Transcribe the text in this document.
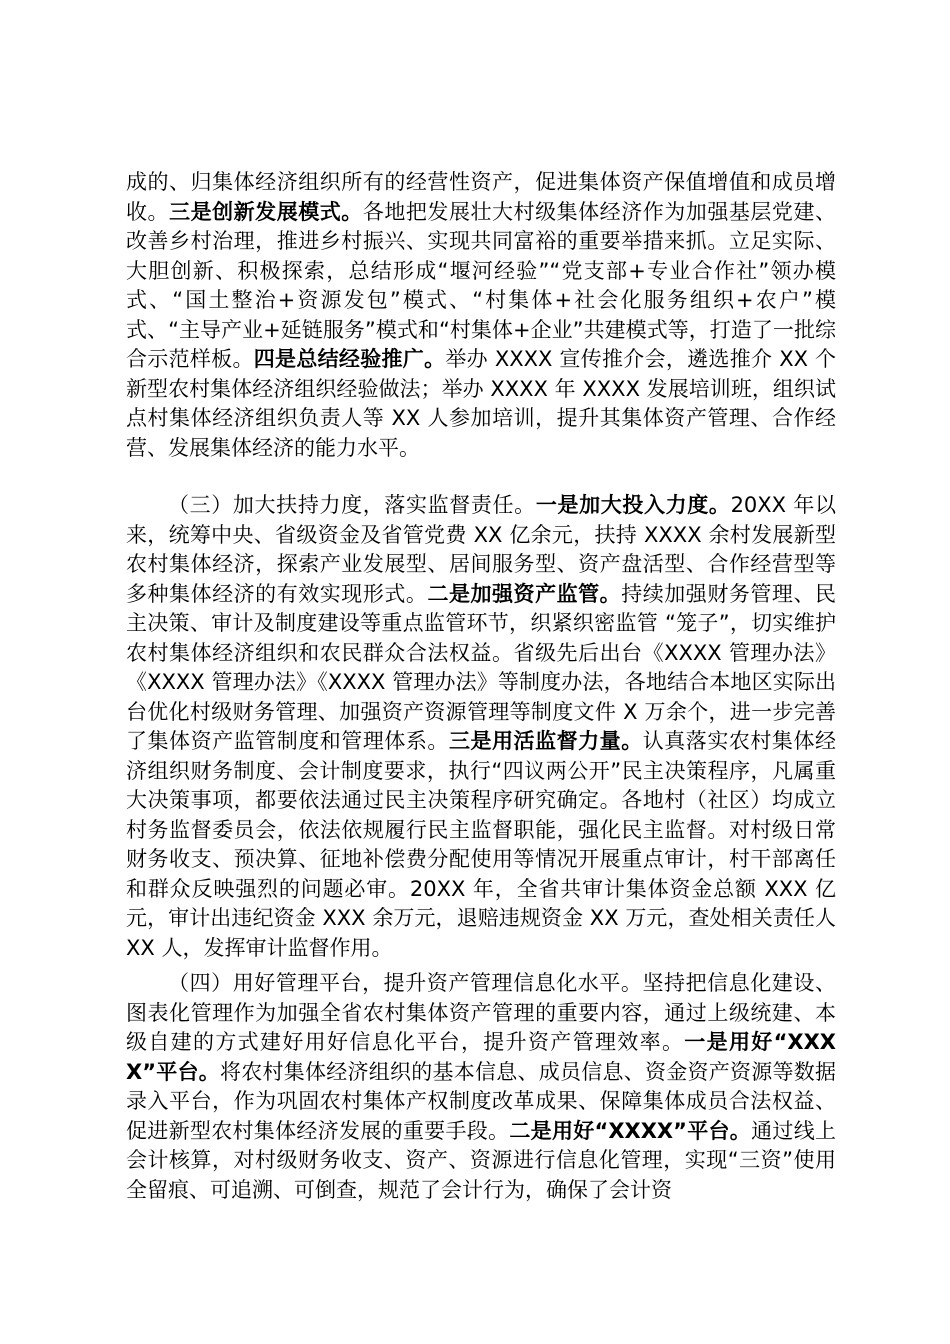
成的、归集体经济组织所有的经营性资产，促进集体资产保值增值和成员增收。三是创新发展模式。各地把发展壮大村级集体经济作为加强基层党建、改善乡村治理，推进乡村振兴、实现共同富裕的重要举措来抓。立足实际、大胆创新、积极探索，总结形成“堰河经验”“党支部+专业合作社”领办模式、“国土整治+资源发包”模式、“村集体+社会化服务组织+农户”模式、“主导产业+延链服务”模式和“村集体+企业”共建模式等，打造了一批综合示范样板。四是总结经验推广。举办 XXXX 宣传推介会，遴选推介 XX 个新型农村集体经济组织经验做法；举办 XXXX 年 XXXX 发展培训班，组织试点村集体经济组织负责人等 XX 人参加培训，提升其集体资产管理、合作经营、发展集体经济的能力水平。

（三）加大扶持力度，落实监督责任。一是加大投入力度。20XX 年以来，统筹中央、省级资金及省管党费 XX 亿余元，扶持 XXXX 余村发展新型农村集体经济，探索产业发展型、居间服务型、资产盘活型、合作经营型等多种集体经济的有效实现形式。二是加强资产监管。持续加强财务管理、民主决策、审计及制度建设等重点监管环节，织紧织密监管 “笼子”，切实维护农村集体经济组织和农民群众合法权益。省级先后出台《XXXX 管理办法》《XXXX 管理办法》《XXXX 管理办法》等制度办法，各地结合本地区实际出台优化村级财务管理、加强资产资源管理等制度文件 X 万余个，进一步完善了集体资产监管制度和管理体系。三是用活监督力量。认真落实农村集体经济组织财务制度、会计制度要求，执行“四议两公开”民主决策程序，凡属重大决策事项，都要依法通过民主决策程序研究确定。各地村（社区）均成立村务监督委员会，依法依规履行民主监督职能，强化民主监督。对村级日常财务收支、预决算、征地补偿费分配使用等情况开展重点审计，村干部离任和群众反映强烈的问题必审。20XX 年，全省共审计集体资金总额 XXX 亿元，审计出违纪资金 XXX 余万元，退赔违规资金 XX 万元，查处相关责任人 XX 人，发挥审计监督作用。

（四）用好管理平台，提升资产管理信息化水平。坚持把信息化建设、图表化管理作为加强全省农村集体资产管理的重要内容，通过上级统建、本级自建的方式建好用好信息化平台，提升资产管理效率。一是用好“XXXX”平台。将农村集体经济组织的基本信息、成员信息、资金资产资源等数据录入平台，作为巩固农村集体产权制度改革成果、保障集体成员合法权益、促进新型农村集体经济发展的重要手段。二是用好“XXXX”平台。通过线上会计核算，对村级财务收支、资产、资源进行信息化管理，实现“三资”使用全留痕、可追溯、可倒查，规范了会计行为，确保了会计资
